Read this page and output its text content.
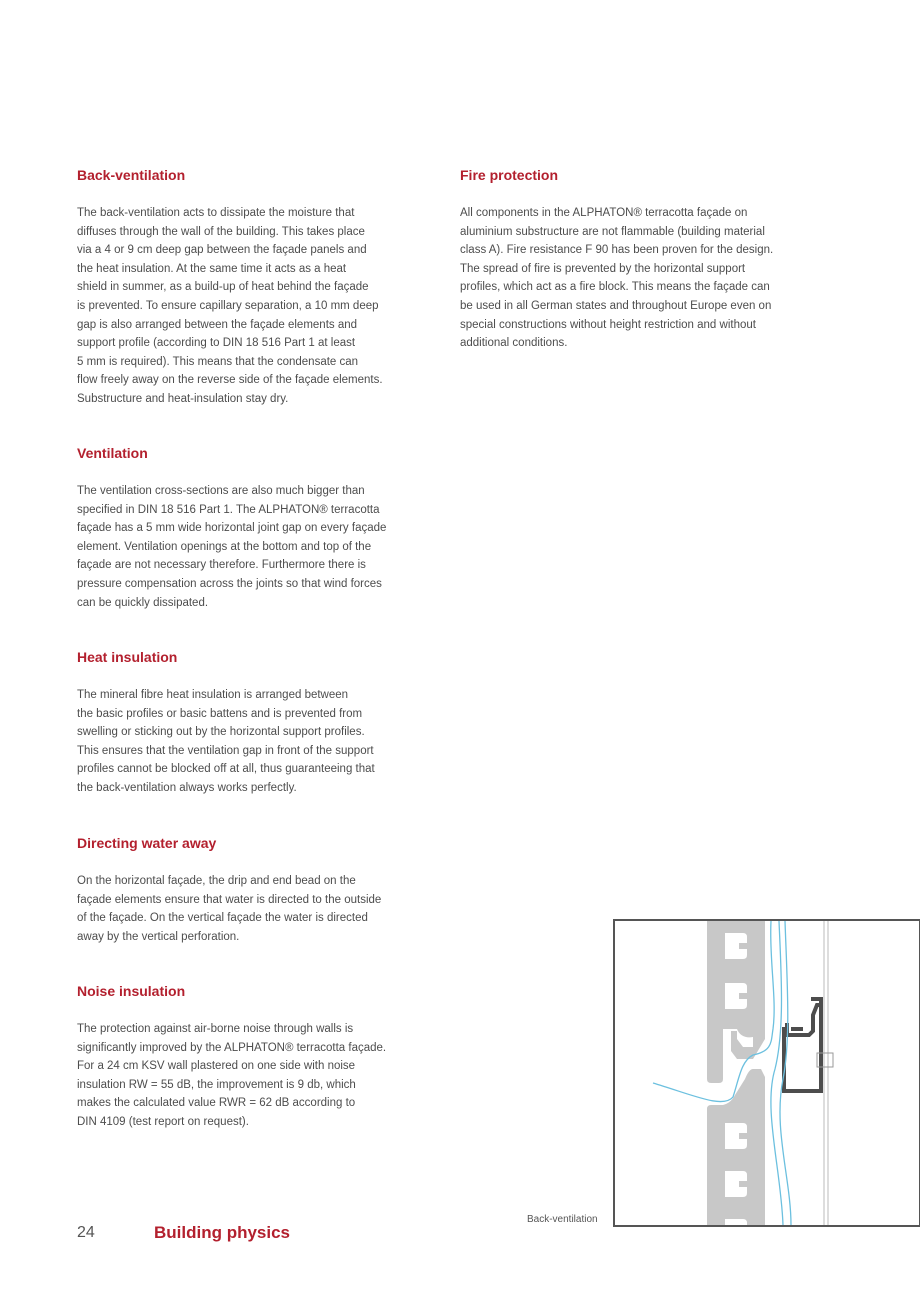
Back-ventilation

The back-ventilation acts to dissipate the moisture that
diffuses through the wall of the building. This takes place
via a 4 or 9 cm deep gap between the façade panels and
the heat insulation. At the same time it acts as a heat
shield in summer, as a build-up of heat behind the façade
is prevented. To ensure capillary separation, a 10 mm deep
gap is also arranged between the façade elements and
support profile (according to DIN 18 516 Part 1 at least
5 mm is required). This means that the condensate can
flow freely away on the reverse side of the façade elements.
Substructure and heat-insulation stay dry.

Ventilation

The ventilation cross-sections are also much bigger than
specified in DIN 18 516 Part 1. The ALPHATON® terracotta
façade has a 5 mm wide horizontal joint gap on every façade
element. Ventilation openings at the bottom and top of the
façade are not necessary therefore. Furthermore there is
pressure compensation across the joints so that wind forces
can be quickly dissipated.

Heat insulation

The mineral fibre heat insulation is arranged between
the basic profiles or basic battens and is prevented from
swelling or sticking out by the horizontal support profiles.
This ensures that the ventilation gap in front of the support
profiles cannot be blocked off at all, thus guaranteeing that
the back-ventilation always works perfectly.

Directing water away

On the horizontal façade, the drip and end bead on the
façade elements ensure that water is directed to the outside
of the façade. On the vertical façade the water is directed
away by the vertical perforation.

Noise insulation

The protection against air-borne noise through walls is
significantly improved by the ALPHATON® terracotta façade.
For a 24 cm KSV wall plastered on one side with noise
insulation RW = 55 dB, the improvement is 9 db, which
makes the calculated value RWR = 62 dB according to
DIN 4109 (test report on request).

Fire protection

All components in the ALPHATON® terracotta façade on
aluminium substructure are not flammable (building material
class A). Fire resistance F 90 has been proven for the design.
The spread of fire is prevented by the horizontal support
profiles, which act as a fire block. This means the façade can
be used in all German states and throughout Europe even on
special constructions without height restriction and without
additional conditions.

Back-ventilation
24	Building physics
